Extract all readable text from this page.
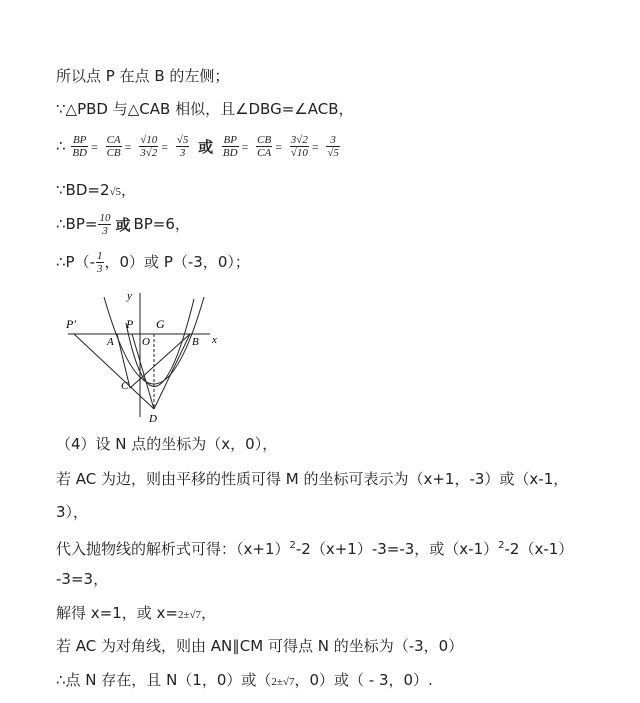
所以点 P 在点 B 的左侧；
∵△PBD 与△CAB 相似，且∠DBG=∠ACB，
∴ $\frac{BP}{BD} = \frac{CA}{CB} = \frac{√10}{3√2} = \frac{√5}{3}$ 或 $\frac{BP}{BD} = \frac{CB}{CA} = \frac{3√2}{√10} = \frac{3}{√5}$
∵BD=2√5，
∴BP= $\frac{10}{3}$ 或 BP=6，
∴P（- $\frac{1}{3}$ ，0）或 P（-3，0）；
y
x
P′	P G
A	O	B
C
D
（4）设 N 点的坐标为（x，0），
若 AC 为边，则由平移的性质可得 M 的坐标可表示为（x+1，-3）或（x-1，
3），
代入抛物线的解析式可得：$(x+1)^2-2(x+1)-3=-3$，或$(x-1)^2-2(x-1)$
-3=3，
解得 x=1，或 x=2±√7，
若 AC 为对角线，则由 AN∥CM 可得点 N 的坐标为（-3，0）
∴点 N 存在，且 N（1，0）或（2±√7，0）或（ - 3，0）.
